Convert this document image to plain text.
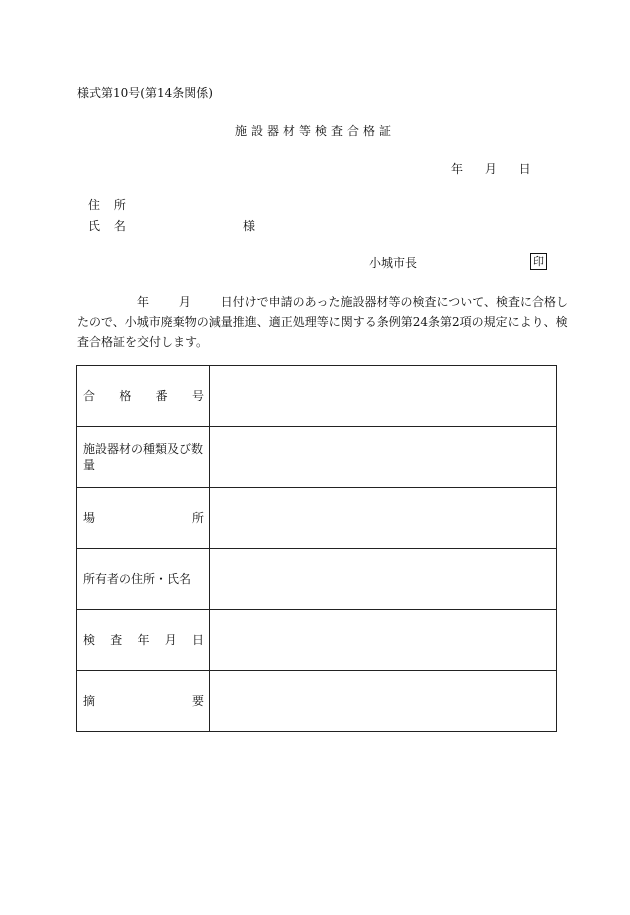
様式第10号(第14条関係)
施設器材等検査合格証
年 月 日
住 所
氏 名	様
小城市長	印
年 月 日付けで申請のあった施設器材等の検査について、検査に合格し
たので、小城市廃棄物の減量推進、適正処理等に関する条例第24条第2項の規定により、検
査合格証を交付します。
合 格 番 号	

施設器材の種類及び数量	

場 所	

所有者の住所・氏名	

検 査 年 月 日	

摘 要	
